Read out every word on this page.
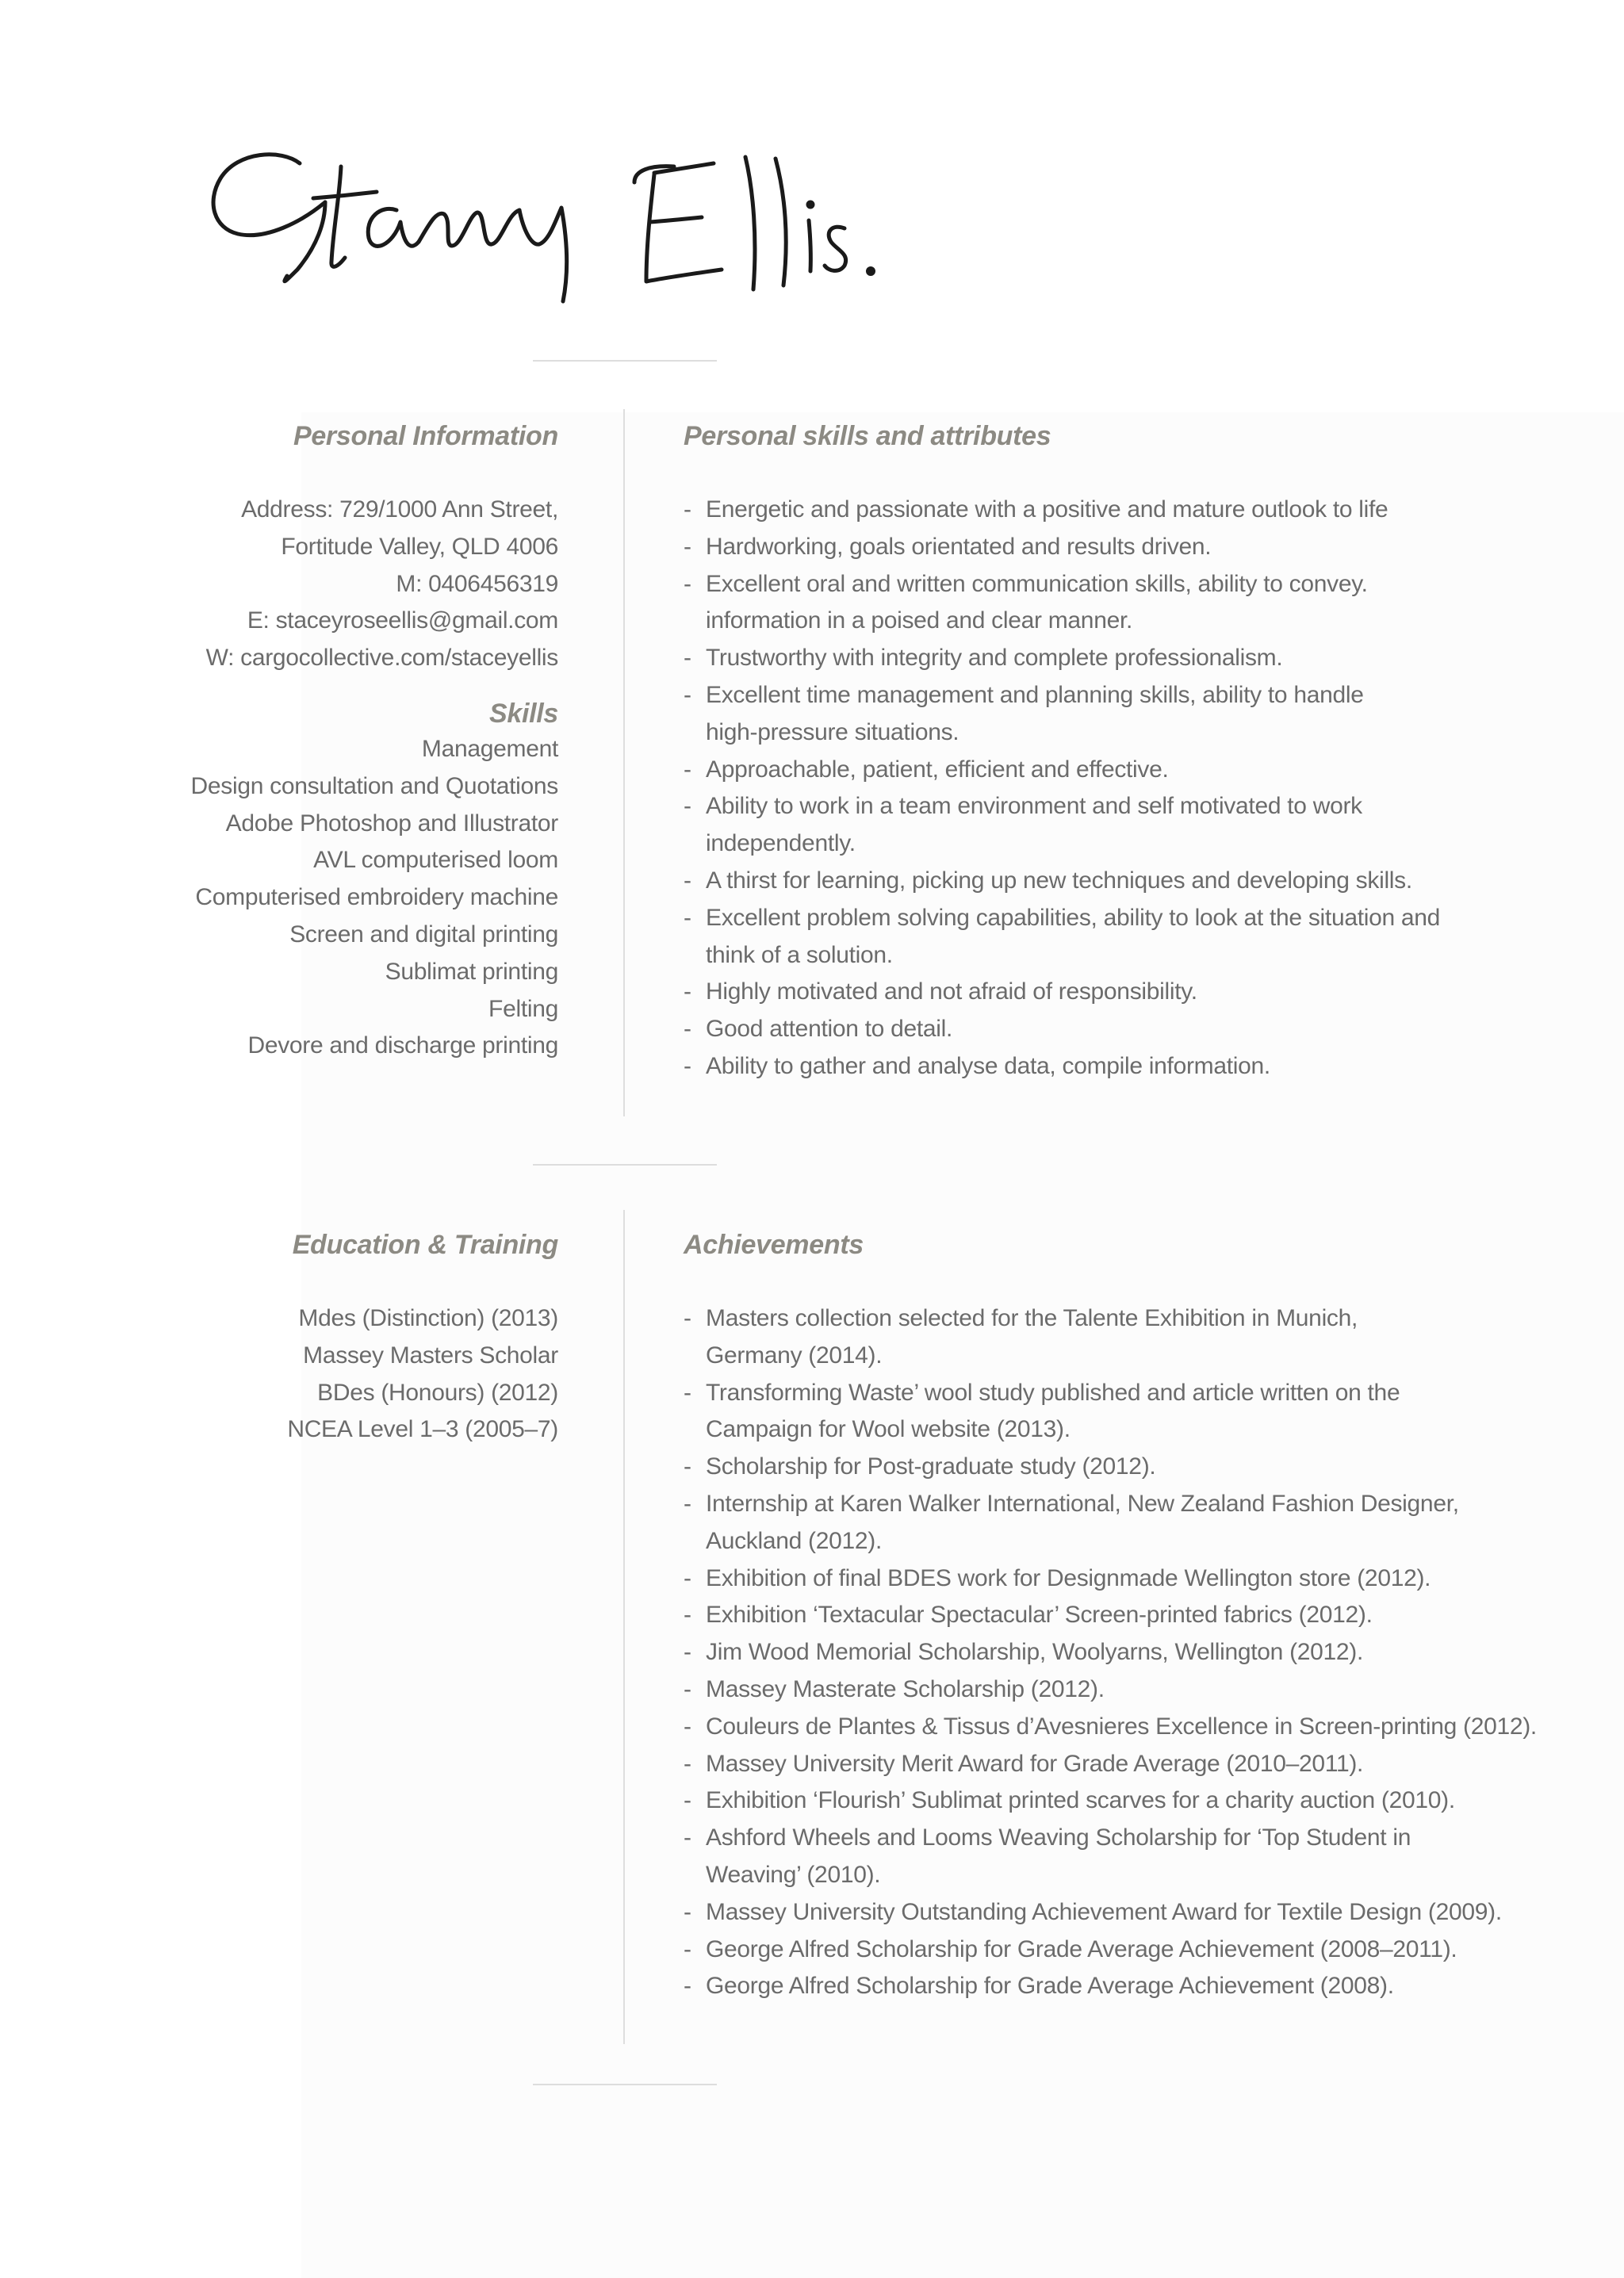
Personal Information
Address: 729/1000 Ann Street,
Fortitude Valley, QLD 4006
M: 0406456319
E: staceyroseellis@gmail.com
W: cargocollective.com/staceyellis
Skills
Management
Design consultation and Quotations
Adobe Photoshop and Illustrator
AVL computerised loom
Computerised embroidery machine
Screen and digital printing
Sublimat printing
Felting
Devore and discharge printing
Personal skills and attributes
- Energetic and passionate with a positive and mature outlook to life
- Hardworking, goals orientated and results driven.
- Excellent oral and written communication skills, ability to convey.
information in a poised and clear manner.
- Trustworthy with integrity and complete professionalism.
- Excellent time management and planning skills, ability to handle
high-pressure situations.
- Approachable, patient, efficient and effective.
- Ability to work in a team environment and self motivated to work
independently.
- A thirst for learning, picking up new techniques and developing skills.
- Excellent problem solving capabilities, ability to look at the situation and
think of a solution.
- Highly motivated and not afraid of responsibility.
- Good attention to detail.
- Ability to gather and analyse data, compile information.
Education & Training
Mdes (Distinction) (2013)
Massey Masters Scholar
BDes (Honours) (2012)
NCEA Level 1–3 (2005–7)
Achievements
- Masters collection selected for the Talente Exhibition in Munich,
Germany (2014).
- Transforming Waste’ wool study published and article written on the
Campaign for Wool website (2013).
- Scholarship for Post-graduate study (2012).
- Internship at Karen Walker International, New Zealand Fashion Designer,
Auckland (2012).
- Exhibition of final BDES work for Designmade Wellington store (2012).
- Exhibition ‘Textacular Spectacular’ Screen-printed fabrics (2012).
- Jim Wood Memorial Scholarship, Woolyarns, Wellington (2012).
- Massey Masterate Scholarship (2012).
- Couleurs de Plantes & Tissus d’Avesnieres Excellence in Screen-printing (2012).
- Massey University Merit Award for Grade Average (2010–2011).
- Exhibition ‘Flourish’ Sublimat printed scarves for a charity auction (2010).
- Ashford Wheels and Looms Weaving Scholarship for ‘Top Student in
Weaving’ (2010).
- Massey University Outstanding Achievement Award for Textile Design (2009).
- George Alfred Scholarship for Grade Average Achievement (2008–2011).
- George Alfred Scholarship for Grade Average Achievement (2008).
